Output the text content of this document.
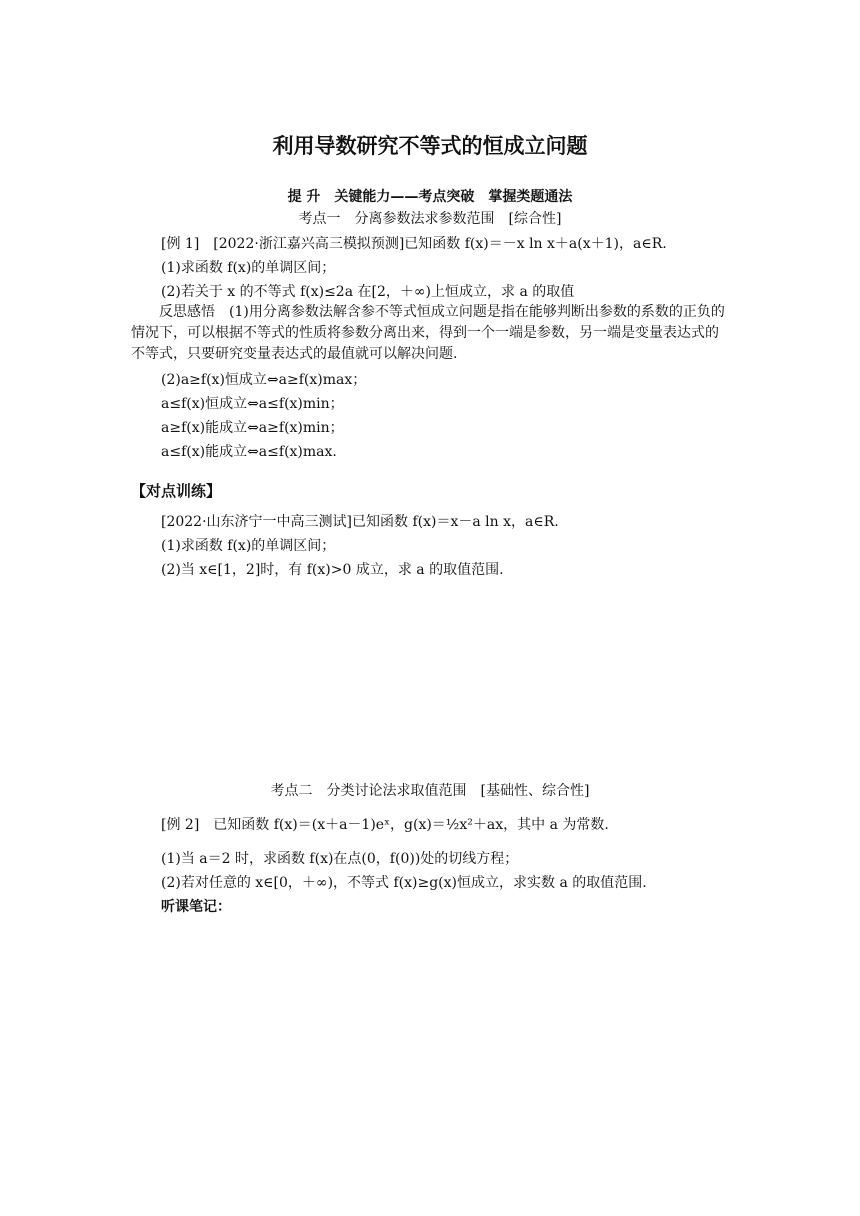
利用导数研究不等式的恒成立问题
提 升　关键能力——考点突破　掌握类题通法
考点一　分离参数法求参数范围　[综合性]
[例 1]　[2022·浙江嘉兴高三模拟预测]已知函数 f(x)＝－x ln x＋a(x＋1)，a∈R.
(1)求函数 f(x)的单调区间；
(2)若关于 x 的不等式 f(x)≤2a 在[2，＋∞)上恒成立，求 a 的取值
反思感悟　(1)用分离参数法解含参不等式恒成立问题是指在能够判断出参数的系数的正负的情况下，可以根据不等式的性质将参数分离出来，得到一个一端是参数，另一端是变量表达式的不等式，只要研究变量表达式的最值就可以解决问题.
(2)a≥f(x)恒成立⇔a≥f(x)max；
a≤f(x)恒成立⇔a≤f(x)min；
a≥f(x)能成立⇔a≥f(x)min；
a≤f(x)能成立⇔a≤f(x)max.
【对点训练】
[2022·山东济宁一中高三测试]已知函数 f(x)＝x－a ln x，a∈R.
(1)求函数 f(x)的单调区间；
(2)当 x∈[1，2]时，有 f(x)>0 成立，求 a 的取值范围.
考点二　分类讨论法求取值范围　[基础性、综合性]
[例 2]　已知函数 f(x)＝(x＋a－1)eˣ，g(x)＝½x²＋ax，其中 a 为常数.
(1)当 a＝2 时，求函数 f(x)在点(0，f(0))处的切线方程；
(2)若对任意的 x∈[0，＋∞)，不等式 f(x)≥g(x)恒成立，求实数 a 的取值范围.
听课笔记：
